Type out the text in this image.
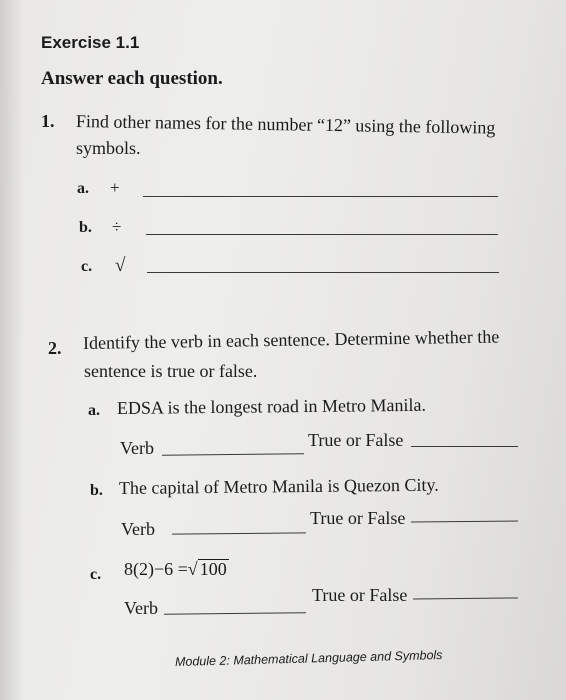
Exercise 1.1
Answer each question.
1. Find other names for the number “12” using the following
symbols.
a. +
b. ÷
c. √
2. Identify the verb in each sentence. Determine whether the
sentence is true or false.
a. EDSA is the longest road in Metro Manila.
Verb	True or False
b. The capital of Metro Manila is Quezon City.
Verb
True or False
c. 8(2)−6 =√ 100
Verb
True or False
Module 2: Mathematical Language and Symbols
